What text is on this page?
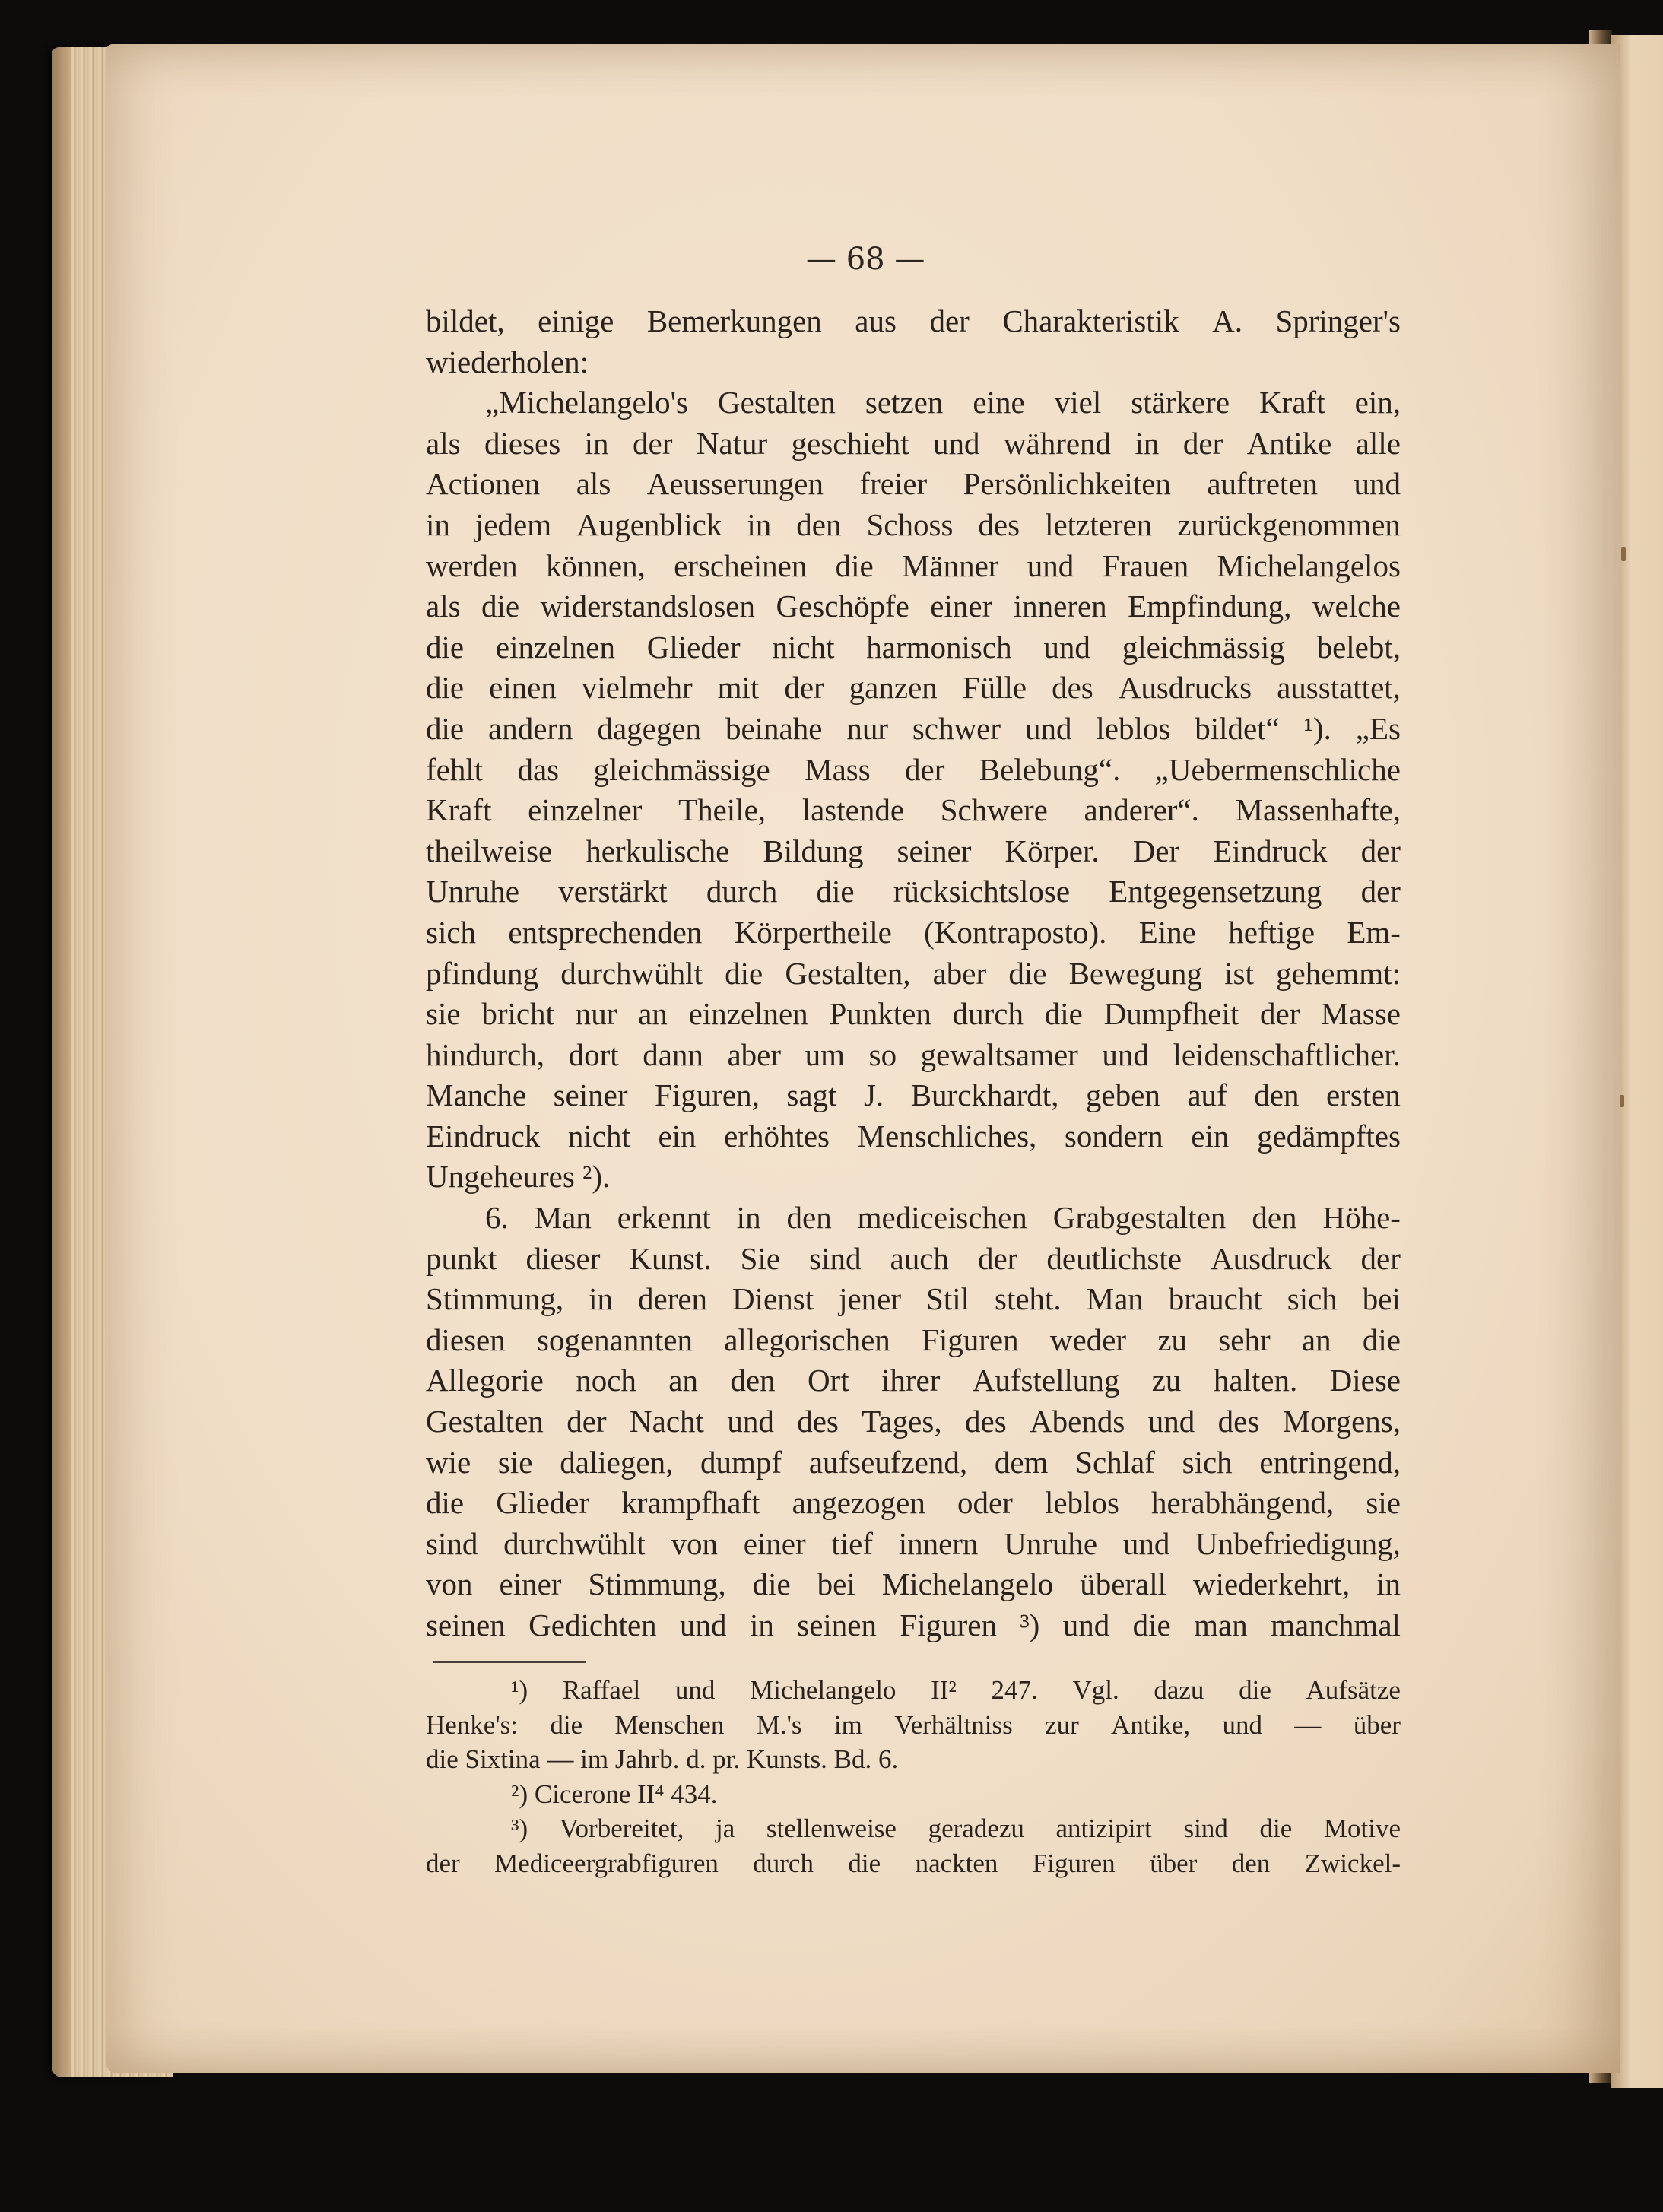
— 68 —
bildet, einige Bemerkungen aus der Charakteristik A. Springer's
wiederholen:
„Michelangelo's Gestalten setzen eine viel stärkere Kraft ein,
als dieses in der Natur geschieht und während in der Antike alle
Actionen als Aeusserungen freier Persönlichkeiten auftreten und
in jedem Augenblick in den Schoss des letzteren zurückgenommen
werden können, erscheinen die Männer und Frauen Michelangelos
als die widerstandslosen Geschöpfe einer inneren Empfindung, welche
die einzelnen Glieder nicht harmonisch und gleichmässig belebt,
die einen vielmehr mit der ganzen Fülle des Ausdrucks ausstattet,
die andern dagegen beinahe nur schwer und leblos bildet“ ¹). „Es
fehlt das gleichmässige Mass der Belebung“. „Uebermenschliche
Kraft einzelner Theile, lastende Schwere anderer“. Massenhafte,
theilweise herkulische Bildung seiner Körper. Der Eindruck der
Unruhe verstärkt durch die rücksichtslose Entgegensetzung der
sich entsprechenden Körpertheile (Kontraposto). Eine heftige Em-
pfindung durchwühlt die Gestalten, aber die Bewegung ist gehemmt:
sie bricht nur an einzelnen Punkten durch die Dumpfheit der Masse
hindurch, dort dann aber um so gewaltsamer und leidenschaftlicher.
Manche seiner Figuren, sagt J. Burckhardt, geben auf den ersten
Eindruck nicht ein erhöhtes Menschliches, sondern ein gedämpftes
Ungeheures ²).
6. Man erkennt in den mediceischen Grabgestalten den Höhe-
punkt dieser Kunst. Sie sind auch der deutlichste Ausdruck der
Stimmung, in deren Dienst jener Stil steht. Man braucht sich bei
diesen sogenannten allegorischen Figuren weder zu sehr an die
Allegorie noch an den Ort ihrer Aufstellung zu halten. Diese
Gestalten der Nacht und des Tages, des Abends und des Morgens,
wie sie daliegen, dumpf aufseufzend, dem Schlaf sich entringend,
die Glieder krampfhaft angezogen oder leblos herabhängend, sie
sind durchwühlt von einer tief innern Unruhe und Unbefriedigung,
von einer Stimmung, die bei Michelangelo überall wiederkehrt, in
seinen Gedichten und in seinen Figuren ³) und die man manchmal
¹) Raffael und Michelangelo II² 247. Vgl. dazu die Aufsätze
Henke's: die Menschen M.'s im Verhältniss zur Antike, und — über
die Sixtina — im Jahrb. d. pr. Kunsts. Bd. 6.
²) Cicerone II⁴ 434.
³) Vorbereitet, ja stellenweise geradezu antizipirt sind die Motive
der Mediceergrabfiguren durch die nackten Figuren über den Zwickel-
